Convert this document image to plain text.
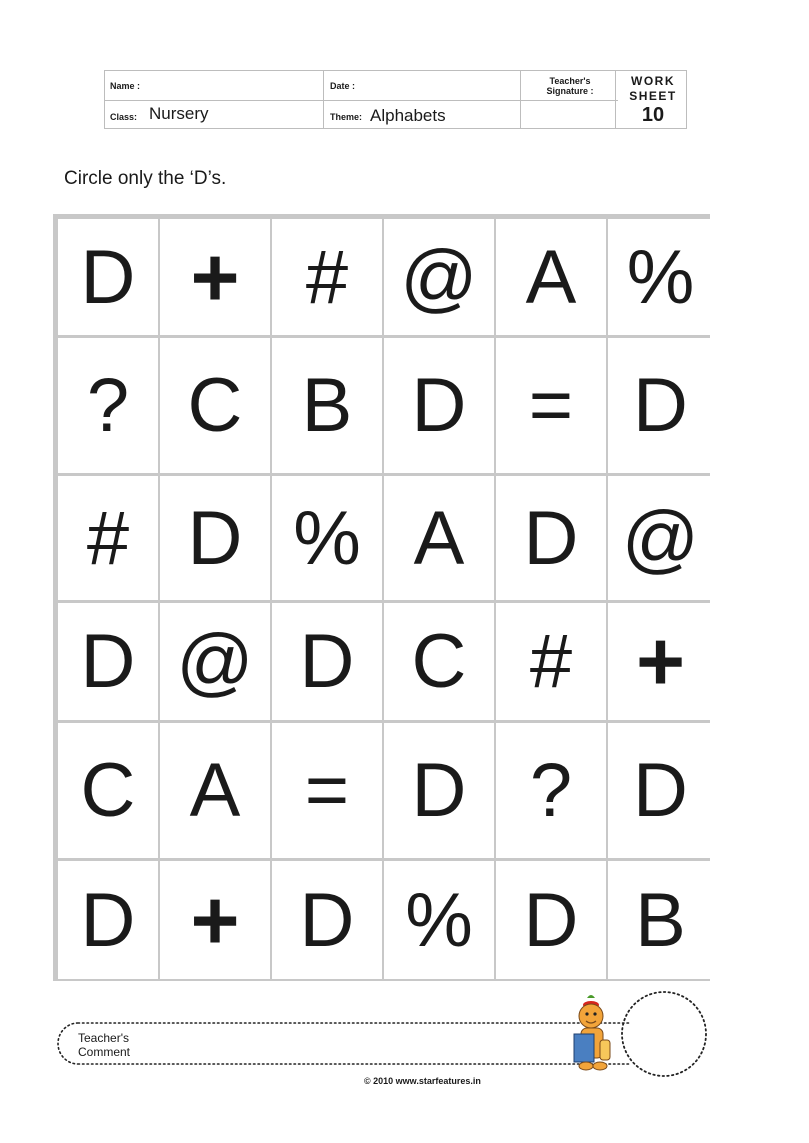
Name :	Date :
Class: Nursery	Theme: Alphabets
Teacher's
Signature :
WORK
SHEET
10
Circle only the ‘D’s.
D + # @ A %
? C B D = D
# D % A D @
D @ D C # +
C A = D ? D
D + D % D B
Teacher's
Comment
© 2010 www.starfeatures.in
